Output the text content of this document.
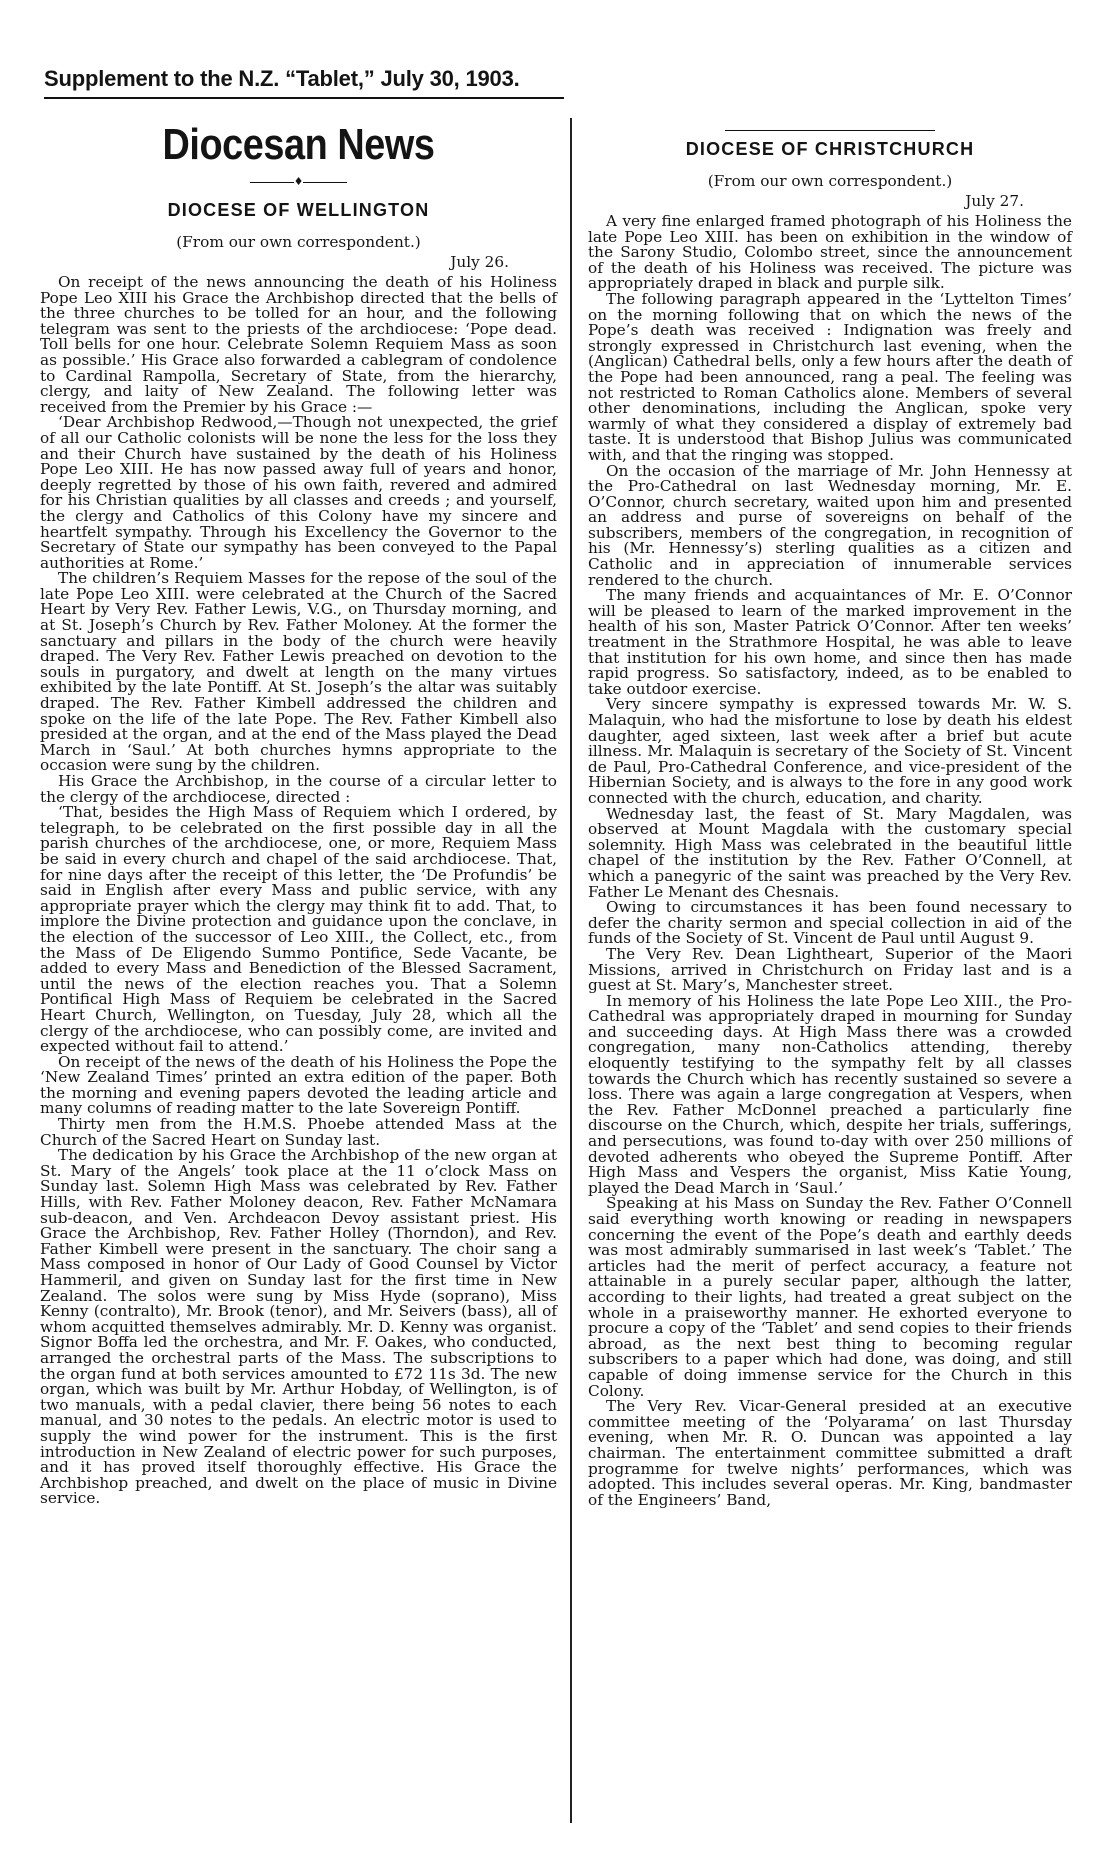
Supplement to the N.Z. “Tablet,” July 30, 1903.
Diocesan News
♦
DIOCESE OF WELLINGTON
(From our own correspondent.)
July 26.

On receipt of the news announcing the death of his Holiness Pope Leo XIII his Grace the Archbishop directed that the bells of the three churches to be tolled for an hour, and the following telegram was sent to the priests of the archdiocese: ‘Pope dead. Toll bells for one hour. Celebrate Solemn Requiem Mass as soon as possible.’ His Grace also forwarded a cablegram of condolence to Cardinal Rampolla, Secretary of State, from the hierarchy, clergy, and laity of New Zealand. The following letter was received from the Premier by his Grace :—

‘Dear Archbishop Redwood,—Though not unexpected, the grief of all our Catholic colonists will be none the less for the loss they and their Church have sustained by the death of his Holiness Pope Leo XIII. He has now passed away full of years and honor, deeply regretted by those of his own faith, revered and admired for his Christian qualities by all classes and creeds ; and yourself, the clergy and Catholics of this Colony have my sincere and heartfelt sympathy. Through his Excellency the Governor to the Secretary of State our sympathy has been conveyed to the Papal authorities at Rome.’

The children’s Requiem Masses for the repose of the soul of the late Pope Leo XIII. were celebrated at the Church of the Sacred Heart by Very Rev. Father Lewis, V.G., on Thursday morning, and at St. Joseph’s Church by Rev. Father Moloney. At the former the sanctuary and pillars in the body of the church were heavily draped. The Very Rev. Father Lewis preached on devotion to the souls in purgatory, and dwelt at length on the many virtues exhibited by the late Pontiff. At St. Joseph’s the altar was suitably draped. The Rev. Father Kimbell addressed the children and spoke on the life of the late Pope. The Rev. Father Kimbell also presided at the organ, and at the end of the Mass played the Dead March in ‘Saul.’ At both churches hymns appropriate to the occasion were sung by the children.

His Grace the Archbishop, in the course of a circular letter to the clergy of the archdiocese, directed :

‘That, besides the High Mass of Requiem which I ordered, by telegraph, to be celebrated on the first possible day in all the parish churches of the archdiocese, one, or more, Requiem Mass be said in every church and chapel of the said archdiocese. That, for nine days after the receipt of this letter, the ‘De Profundis’ be said in English after every Mass and public service, with any appropriate prayer which the clergy may think fit to add. That, to implore the Divine protection and guidance upon the conclave, in the election of the successor of Leo XIII., the Collect, etc., from the Mass of De Eligendo Summo Pontifice, Sede Vacante, be added to every Mass and Benediction of the Blessed Sacrament, until the news of the election reaches you. That a Solemn Pontifical High Mass of Requiem be celebrated in the Sacred Heart Church, Wellington, on Tuesday, July 28, which all the clergy of the archdiocese, who can possibly come, are invited and expected without fail to attend.’

On receipt of the news of the death of his Holiness the Pope the ‘New Zealand Times’ printed an extra edition of the paper. Both the morning and evening papers devoted the leading article and many columns of reading matter to the late Sovereign Pontiff.

Thirty men from the H.M.S. Phoebe attended Mass at the Church of the Sacred Heart on Sunday last.

The dedication by his Grace the Archbishop of the new organ at St. Mary of the Angels’ took place at the 11 o’clock Mass on Sunday last. Solemn High Mass was celebrated by Rev. Father Hills, with Rev. Father Moloney deacon, Rev. Father McNamara sub-deacon, and Ven. Archdeacon Devoy assistant priest. His Grace the Archbishop, Rev. Father Holley (Thorndon), and Rev. Father Kimbell were present in the sanctuary. The choir sang a Mass composed in honor of Our Lady of Good Counsel by Victor Hammeril, and given on Sunday last for the first time in New Zealand. The solos were sung by Miss Hyde (soprano), Miss Kenny (contralto), Mr. Brook (tenor), and Mr. Seivers (bass), all of whom acquitted themselves admirably. Mr. D. Kenny was organist. Signor Boffa led the orchestra, and Mr. F. Oakes, who conducted, arranged the orchestral parts of the Mass. The subscriptions to the organ fund at both services amounted to £72 11s 3d. The new organ, which was built by Mr. Arthur Hobday, of Wellington, is of two manuals, with a pedal clavier, there being 56 notes to each manual, and 30 notes to the pedals. An electric motor is used to supply the wind power for the instrument. This is the first introduction in New Zealand of electric power for such purposes, and it has proved itself thoroughly effective. His Grace the Archbishop preached, and dwelt on the place of music in Divine service.

DIOCESE OF CHRISTCHURCH
(From our own correspondent.)
July 27.

A very fine enlarged framed photograph of his Holiness the late Pope Leo XIII. has been on exhibition in the window of the Sarony Studio, Colombo street, since the announcement of the death of his Holiness was received. The picture was appropriately draped in black and purple silk.

The following paragraph appeared in the ‘Lyttelton Times’ on the morning following that on which the news of the Pope’s death was received : Indignation was freely and strongly expressed in Christchurch last evening, when the (Anglican) Cathedral bells, only a few hours after the death of the Pope had been announced, rang a peal. The feeling was not restricted to Roman Catholics alone. Members of several other denominations, including the Anglican, spoke very warmly of what they considered a display of extremely bad taste. It is understood that Bishop Julius was communicated with, and that the ringing was stopped.

On the occasion of the marriage of Mr. John Hennessy at the Pro-Cathedral on last Wednesday morning, Mr. E. O’Connor, church secretary, waited upon him and presented an address and purse of sovereigns on behalf of the subscribers, members of the congregation, in recognition of his (Mr. Hennessy’s) sterling qualities as a citizen and Catholic and in appreciation of innumerable services rendered to the church.

The many friends and acquaintances of Mr. E. O’Connor will be pleased to learn of the marked improvement in the health of his son, Master Patrick O’Connor. After ten weeks’ treatment in the Strathmore Hospital, he was able to leave that institution for his own home, and since then has made rapid progress. So satisfactory, indeed, as to be enabled to take outdoor exercise.

Very sincere sympathy is expressed towards Mr. W. S. Malaquin, who had the misfortune to lose by death his eldest daughter, aged sixteen, last week after a brief but acute illness. Mr. Malaquin is secretary of the Society of St. Vincent de Paul, Pro-Cathedral Conference, and vice-president of the Hibernian Society, and is always to the fore in any good work connected with the church, education, and charity.

Wednesday last, the feast of St. Mary Magdalen, was observed at Mount Magdala with the customary special solemnity. High Mass was celebrated in the beautiful little chapel of the institution by the Rev. Father O’Connell, at which a panegyric of the saint was preached by the Very Rev. Father Le Menant des Chesnais.

Owing to circumstances it has been found necessary to defer the charity sermon and special collection in aid of the funds of the Society of St. Vincent de Paul until August 9.

The Very Rev. Dean Lightheart, Superior of the Maori Missions, arrived in Christchurch on Friday last and is a guest at St. Mary’s, Manchester street.

In memory of his Holiness the late Pope Leo XIII., the Pro-Cathedral was appropriately draped in mourning for Sunday and succeeding days. At High Mass there was a crowded congregation, many non-Catholics attending, thereby eloquently testifying to the sympathy felt by all classes towards the Church which has recently sustained so severe a loss. There was again a large congregation at Vespers, when the Rev. Father McDonnel preached a particularly fine discourse on the Church, which, despite her trials, sufferings, and persecutions, was found to-day with over 250 millions of devoted adherents who obeyed the Supreme Pontiff. After High Mass and Vespers the organist, Miss Katie Young, played the Dead March in ‘Saul.’

Speaking at his Mass on Sunday the Rev. Father O’Connell said everything worth knowing or reading in newspapers concerning the event of the Pope’s death and earthly deeds was most admirably summarised in last week’s ‘Tablet.’ The articles had the merit of perfect accuracy, a feature not attainable in a purely secular paper, although the latter, according to their lights, had treated a great subject on the whole in a praiseworthy manner. He exhorted everyone to procure a copy of the ‘Tablet’ and send copies to their friends abroad, as the next best thing to becoming regular subscribers to a paper which had done, was doing, and still capable of doing immense service for the Church in this Colony.

The Very Rev. Vicar-General presided at an executive committee meeting of the ‘Polyarama’ on last Thursday evening, when Mr. R. O. Duncan was appointed a lay chairman. The entertainment committee submitted a draft programme for twelve nights’ performances, which was adopted. This includes several operas. Mr. King, bandmaster of the Engineers’ Band,
